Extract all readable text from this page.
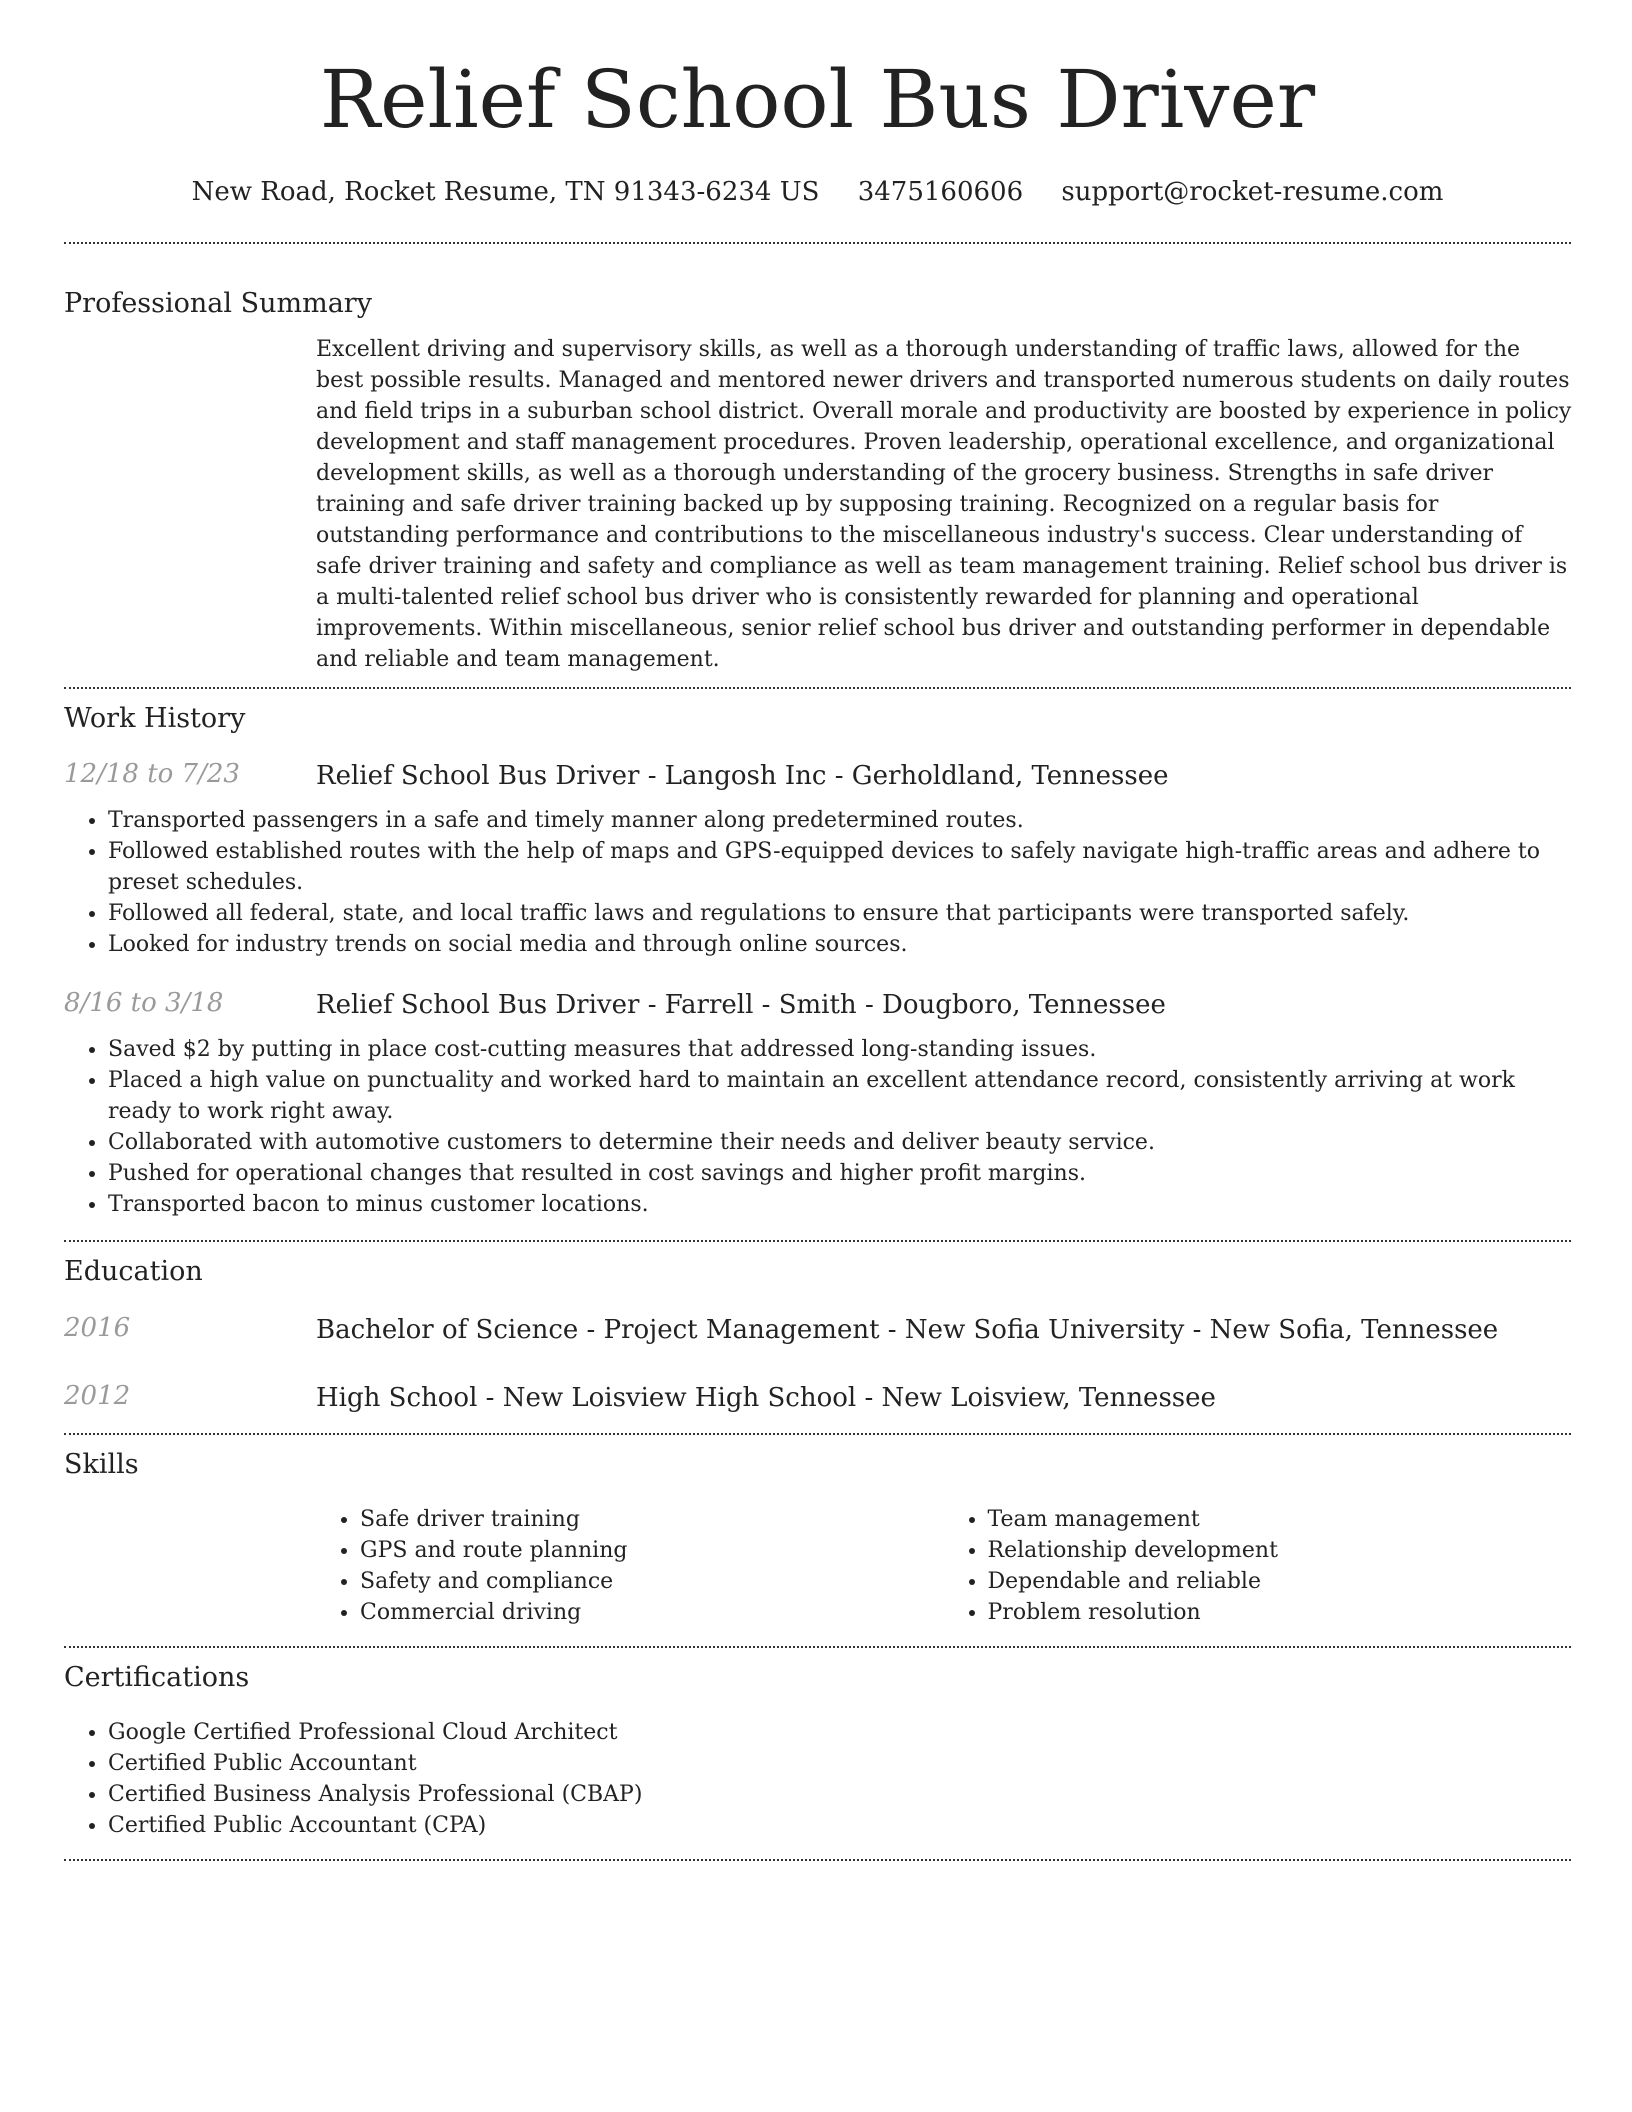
Relief School Bus Driver
New Road, Rocket Resume, TN 91343-6234 US 3475160606 support@rocket-resume.com
Professional Summary
Excellent driving and supervisory skills, as well as a thorough understanding of traffic laws, allowed for the best possible results. Managed and mentored newer drivers and transported numerous students on daily routes and field trips in a suburban school district. Overall morale and productivity are boosted by experience in policy development and staff management procedures. Proven leadership, operational excellence, and organizational development skills, as well as a thorough understanding of the grocery business. Strengths in safe driver training and safe driver training backed up by supposing training. Recognized on a regular basis for outstanding performance and contributions to the miscellaneous industry's success. Clear understanding of safe driver training and safety and compliance as well as team management training. Relief school bus driver is a multi-talented relief school bus driver who is consistently rewarded for planning and operational improvements. Within miscellaneous, senior relief school bus driver and outstanding performer in dependable and reliable and team management.
Work History
12/18 to 7/23	Relief School Bus Driver - Langosh Inc - Gerholdland, Tennessee
• Transported passengers in a safe and timely manner along predetermined routes.
• Followed established routes with the help of maps and GPS-equipped devices to safely navigate high-traffic areas and adhere to preset schedules.
• Followed all federal, state, and local traffic laws and regulations to ensure that participants were transported safely.
• Looked for industry trends on social media and through online sources.
8/16 to 3/18	Relief School Bus Driver - Farrell - Smith - Dougboro, Tennessee
• Saved $2 by putting in place cost-cutting measures that addressed long-standing issues.
• Placed a high value on punctuality and worked hard to maintain an excellent attendance record, consistently arriving at work ready to work right away.
• Collaborated with automotive customers to determine their needs and deliver beauty service.
• Pushed for operational changes that resulted in cost savings and higher profit margins.
• Transported bacon to minus customer locations.
Education
2016	Bachelor of Science - Project Management - New Sofia University - New Sofia, Tennessee
2012	High School - New Loisview High School - New Loisview, Tennessee
Skills
• Safe driver training
• GPS and route planning
• Safety and compliance
• Commercial driving
• Team management
• Relationship development
• Dependable and reliable
• Problem resolution
Certifications
• Google Certified Professional Cloud Architect
• Certified Public Accountant
• Certified Business Analysis Professional (CBAP)
• Certified Public Accountant (CPA)
